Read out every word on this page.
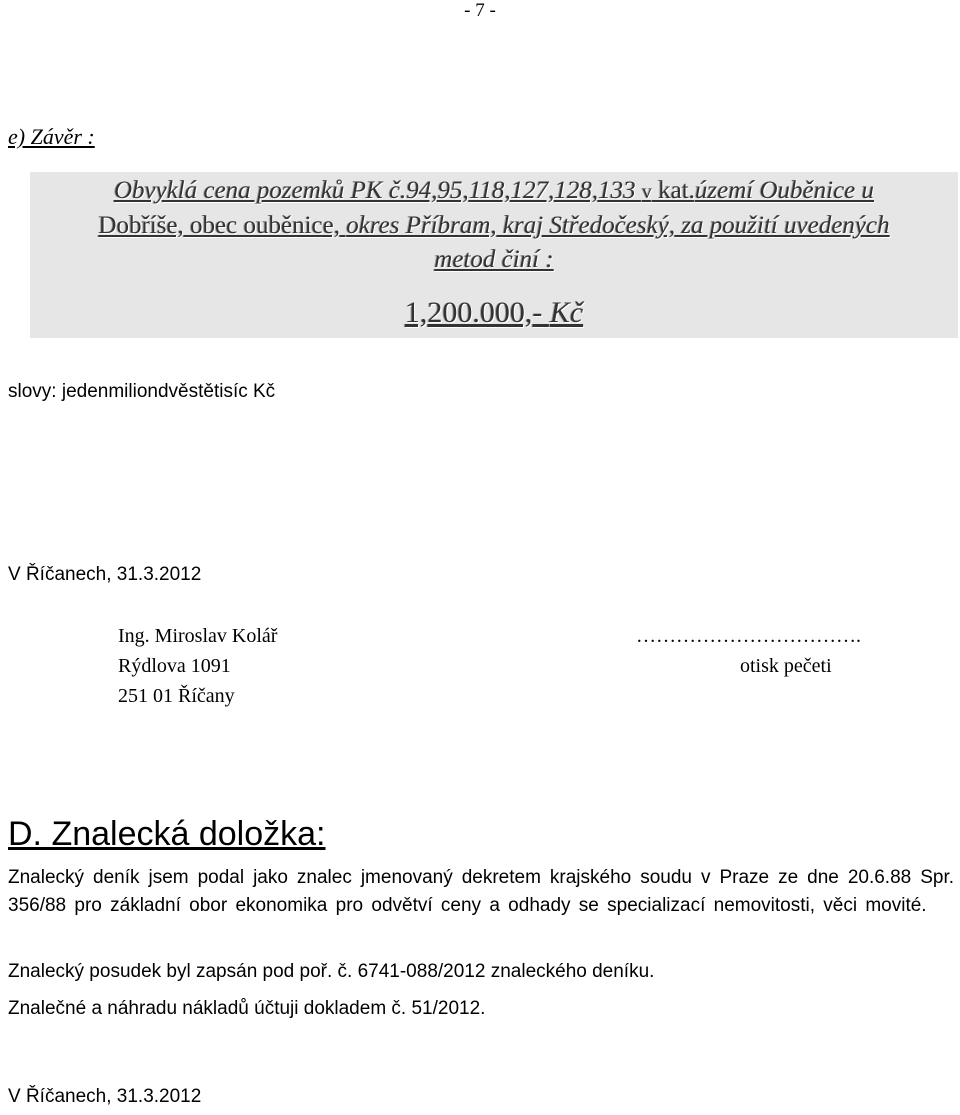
- 7 -
e) Závěr :
Obvyklá cena pozemků PK č.94,95,118,127,128,133 v kat.území Ouběnice u
Dobříše, obec ouběnice, okres Příbram, kraj Středočeský, za použití uvedených
metod činí :
1,200.000,- Kč
slovy: jedenmiliondvěstětisíc Kč
V Říčanech, 31.3.2012
Ing. Miroslav Kolář
Rýdlova 1091
251 01 Říčany
…………………………….
otisk pečeti
D. Znalecká doložka:
Znalecký deník jsem podal jako znalec jmenovaný dekretem krajského soudu v Praze ze dne 20.6.88 Spr. 356/88 pro základní obor ekonomika pro odvětví ceny a odhady se specializací nemovitosti, věci movité.
Znalecký posudek byl zapsán pod poř. č. 6741-088/2012 znaleckého deníku.
Znalečné a náhradu nákladů účtuji dokladem č. 51/2012.
V Říčanech, 31.3.2012
